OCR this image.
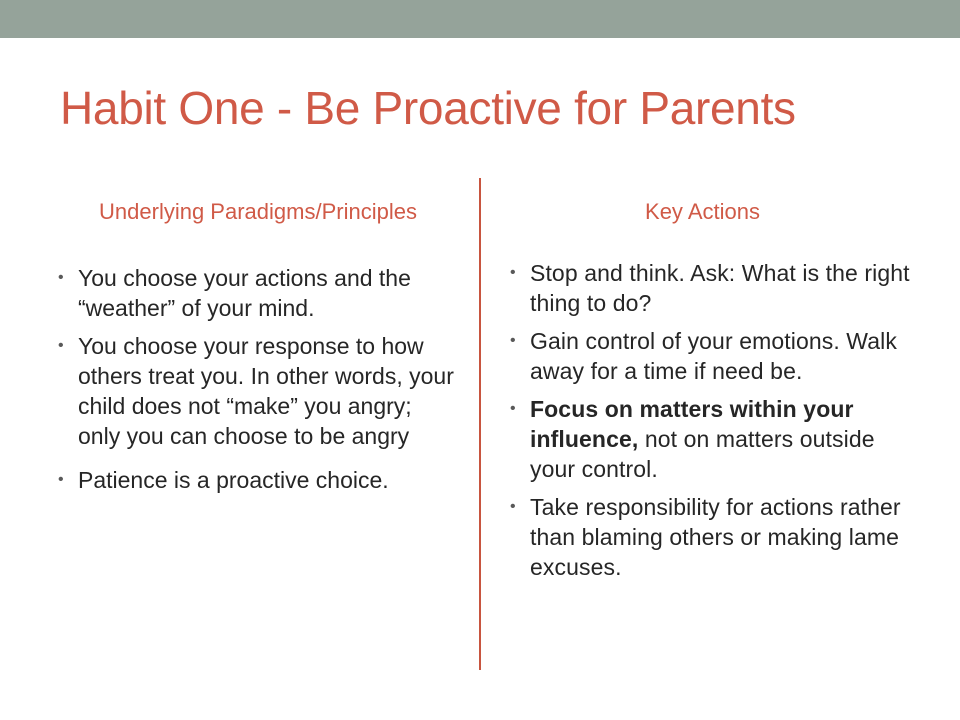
Habit One - Be Proactive for Parents
Underlying Paradigms/Principles	Key Actions
• You choose your actions and the “weather” of your mind.
• You choose your response to how others treat you. In other words, your child does not “make” you angry; only you can choose to be angry
• Patience is a proactive choice.
• Stop and think. Ask: What is the right thing to do?
• Gain control of your emotions. Walk away for a time if need be.
• Focus on matters within your influence, not on matters outside your control.
• Take responsibility for actions rather than blaming others or making lame excuses.
